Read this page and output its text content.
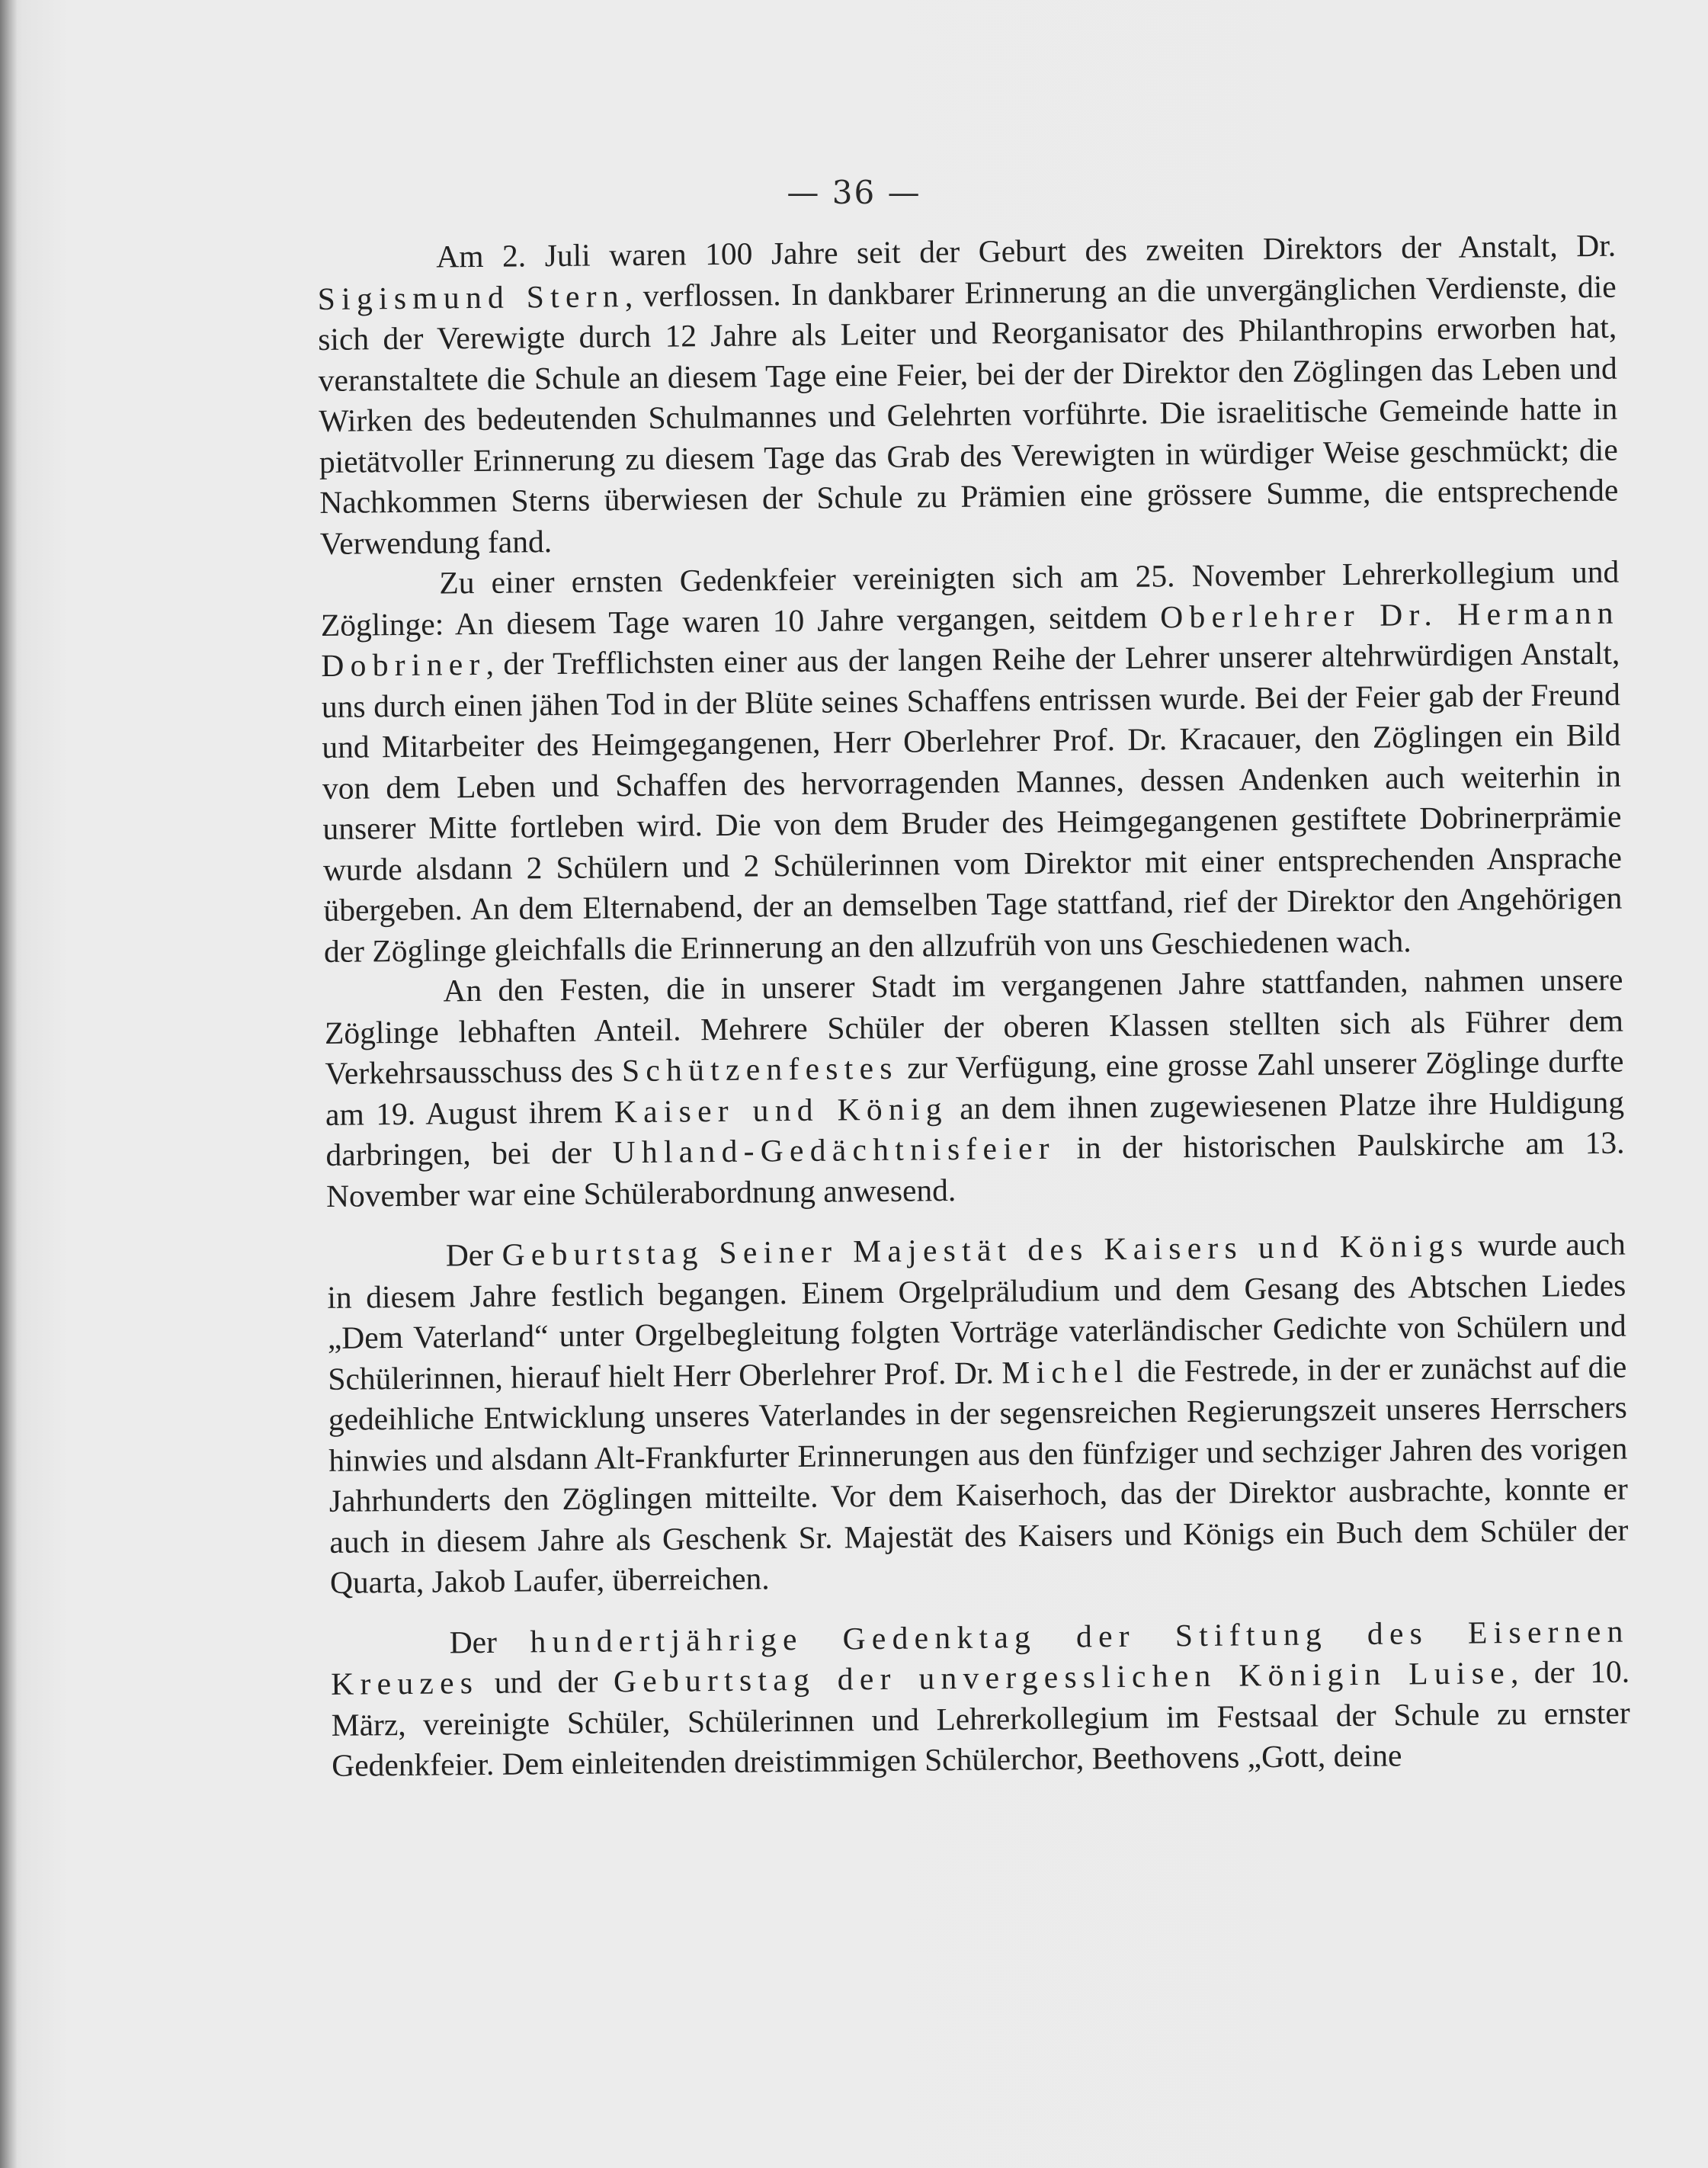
— 36 —

Am 2. Juli waren 100 Jahre seit der Geburt des zweiten Direktors der Anstalt, Dr. Sigismund Stern, verflossen. In dankbarer Erinnerung an die unvergänglichen Verdienste, die sich der Verewigte durch 12 Jahre als Leiter und Reorganisator des Philanthropins erworben hat, veranstaltete die Schule an diesem Tage eine Feier, bei der der Direktor den Zöglingen das Leben und Wirken des bedeutenden Schulmannes und Gelehrten vorführte. Die israelitische Gemeinde hatte in pietätvoller Erinnerung zu diesem Tage das Grab des Verewigten in würdiger Weise geschmückt; die Nachkommen Sterns überwiesen der Schule zu Prämien eine grössere Summe, die entsprechende Verwendung fand.

Zu einer ernsten Gedenkfeier vereinigten sich am 25. November Lehrerkollegium und Zöglinge: An diesem Tage waren 10 Jahre vergangen, seitdem Oberlehrer Dr. Hermann Dobriner, der Trefflichsten einer aus der langen Reihe der Lehrer unserer altehrwürdigen Anstalt, uns durch einen jähen Tod in der Blüte seines Schaffens entrissen wurde. Bei der Feier gab der Freund und Mitarbeiter des Heimgegangenen, Herr Oberlehrer Prof. Dr. Kracauer, den Zöglingen ein Bild von dem Leben und Schaffen des hervorragenden Mannes, dessen Andenken auch weiterhin in unserer Mitte fortleben wird. Die von dem Bruder des Heimgegangenen gestiftete Dobrinerprämie wurde alsdann 2 Schülern und 2 Schülerinnen vom Direktor mit einer entsprechenden Ansprache übergeben. An dem Elternabend, der an demselben Tage stattfand, rief der Direktor den Angehörigen der Zöglinge gleichfalls die Erinnerung an den allzufrüh von uns Geschiedenen wach.

An den Festen, die in unserer Stadt im vergangenen Jahre stattfanden, nahmen unsere Zöglinge lebhaften Anteil. Mehrere Schüler der oberen Klassen stellten sich als Führer dem Verkehrsausschuss des Schützenfestes zur Verfügung, eine grosse Zahl unserer Zöglinge durfte am 19. August ihrem Kaiser und König an dem ihnen zugewiesenen Platze ihre Huldigung darbringen, bei der Uhland-Gedächtnisfeier in der historischen Paulskirche am 13. November war eine Schülerabordnung anwesend.

Der Geburtstag Seiner Majestät des Kaisers und Königs wurde auch in diesem Jahre festlich begangen. Einem Orgelpräludium und dem Gesang des Abtschen Liedes „Dem Vaterland“ unter Orgelbegleitung folgten Vorträge vaterländischer Gedichte von Schülern und Schülerinnen, hierauf hielt Herr Oberlehrer Prof. Dr. Michel die Festrede, in der er zunächst auf die gedeihliche Entwicklung unseres Vaterlandes in der segensreichen Regierungszeit unseres Herrschers hinwies und alsdann Alt-Frankfurter Erinnerungen aus den fünfziger und sechziger Jahren des vorigen Jahrhunderts den Zöglingen mitteilte. Vor dem Kaiserhoch, das der Direktor ausbrachte, konnte er auch in diesem Jahre als Geschenk Sr. Majestät des Kaisers und Königs ein Buch dem Schüler der Quarta, Jakob Laufer, überreichen.

Der hundertjährige Gedenktag der Stiftung des Eisernen Kreuzes und der Geburtstag der unvergesslichen Königin Luise, der 10. März, vereinigte Schüler, Schülerinnen und Lehrerkollegium im Festsaal der Schule zu ernster Gedenkfeier. Dem einleitenden dreistimmigen Schülerchor, Beethovens „Gott, deine
